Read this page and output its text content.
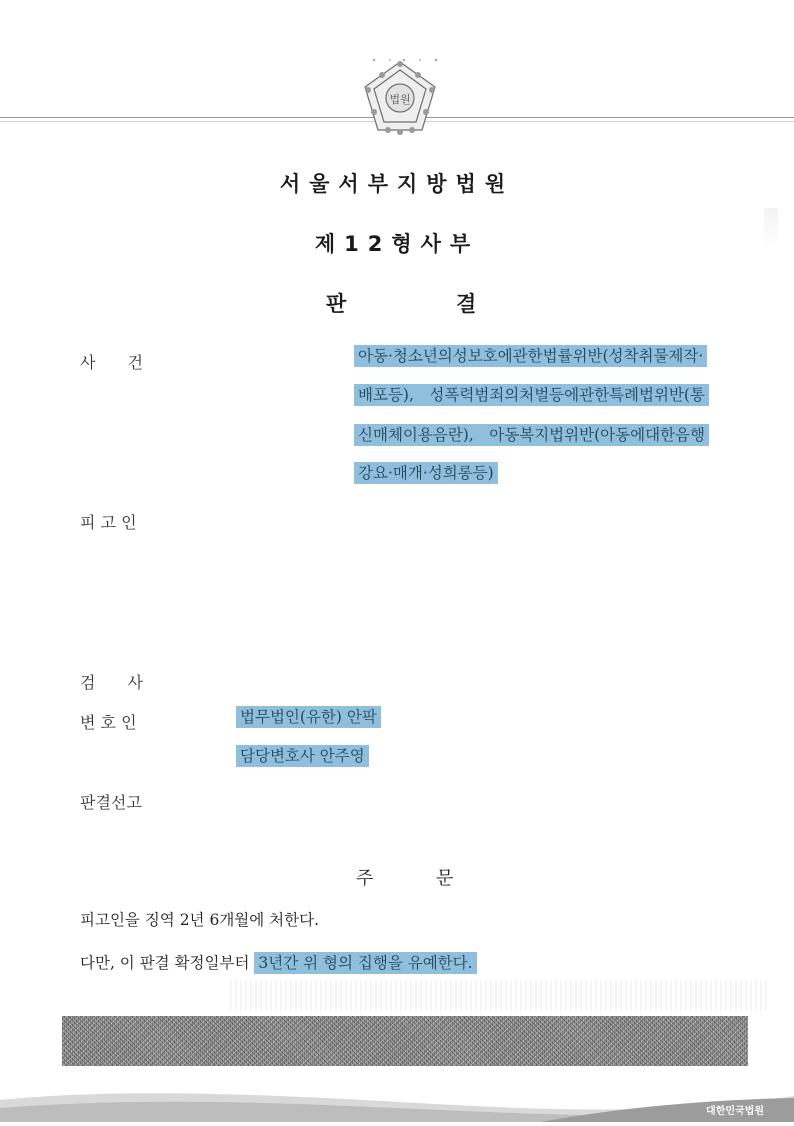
법원
서울서부지방법원
제12형사부
판	결
사　　건	아동·청소년의성보호에관한법률위반(성착취물제작·
배포등),　성폭력범죄의처벌등에관한특례법위반(통
신매체이용음란),　아동복지법위반(아동에대한음행
강요·매개·성희롱등)
피 고 인
검　　사
변 호 인	법무법인(유한) 안팍
담당변호사 안주영
판결선고
주	문
피고인을 징역 2년 6개월에 처한다.
다만, 이 판결 확정일부터 3년간 위 형의 집행을 유예한다.
대한민국법원
